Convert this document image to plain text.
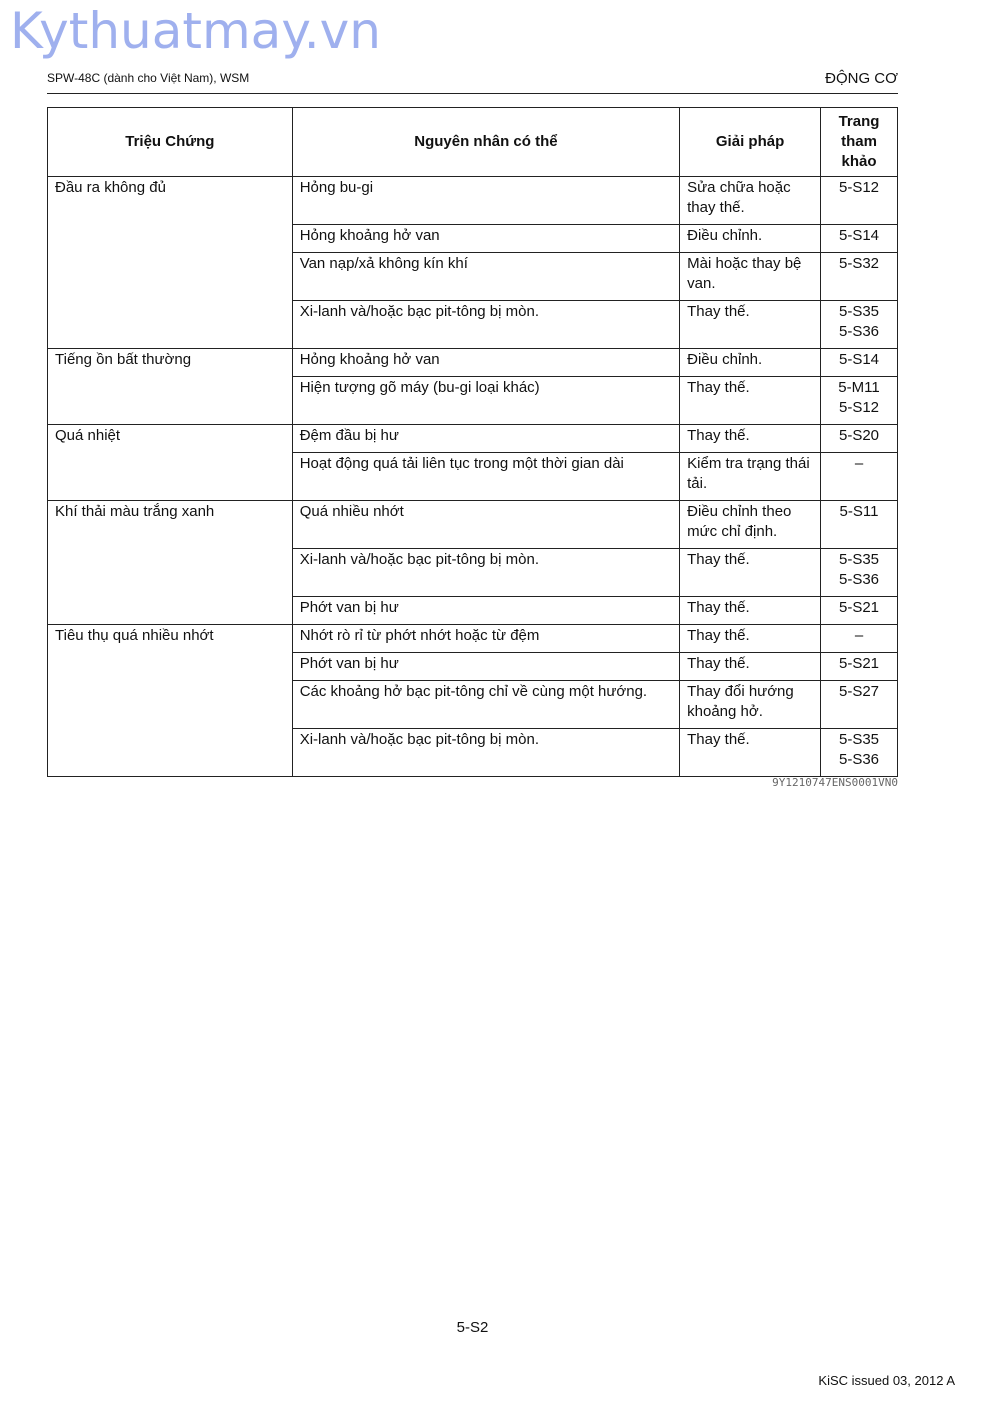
Kythuatmay.vn
SPW-48C (dành cho Việt Nam), WSM	ĐỘNG CƠ
Triệu Chứng	Nguyên nhân có thể	Giải pháp	Trang
tham
khảo
Đầu ra không đủ	Hỏng bu-gi	Sửa chữa hoặc thay thế.	5-S12
	Hỏng khoảng hở van	Điều chỉnh.	5-S14
	Van nạp/xả không kín khí	Mài hoặc thay bệ van.	5-S32
	Xi-lanh và/hoặc bạc pit-tông bị mòn.	Thay thế.	5-S35
5-S36
Tiếng ồn bất thường	Hỏng khoảng hở van	Điều chỉnh.	5-S14
	Hiện tượng gõ máy (bu-gi loại khác)	Thay thế.	5-M11
5-S12
Quá nhiệt	Đệm đầu bị hư	Thay thế.	5-S20
	Hoạt động quá tải liên tục trong một thời gian dài	Kiểm tra trạng thái tải.	–
Khí thải màu trắng xanh	Quá nhiều nhớt	Điều chỉnh theo mức chỉ định.	5-S11
	Xi-lanh và/hoặc bạc pit-tông bị mòn.	Thay thế.	5-S35
5-S36
	Phớt van bị hư	Thay thế.	5-S21
Tiêu thụ quá nhiều nhớt	Nhớt rò rỉ từ phớt nhớt hoặc từ đệm	Thay thế.	–
	Phớt van bị hư	Thay thế.	5-S21
	Các khoảng hở bạc pit-tông chỉ về cùng một hướng.	Thay đổi hướng khoảng hở.	5-S27
	Xi-lanh và/hoặc bạc pit-tông bị mòn.	Thay thế.	5-S35
5-S36
9Y1210747ENS0001VN0
5-S2
KiSC issued 03, 2012 A
